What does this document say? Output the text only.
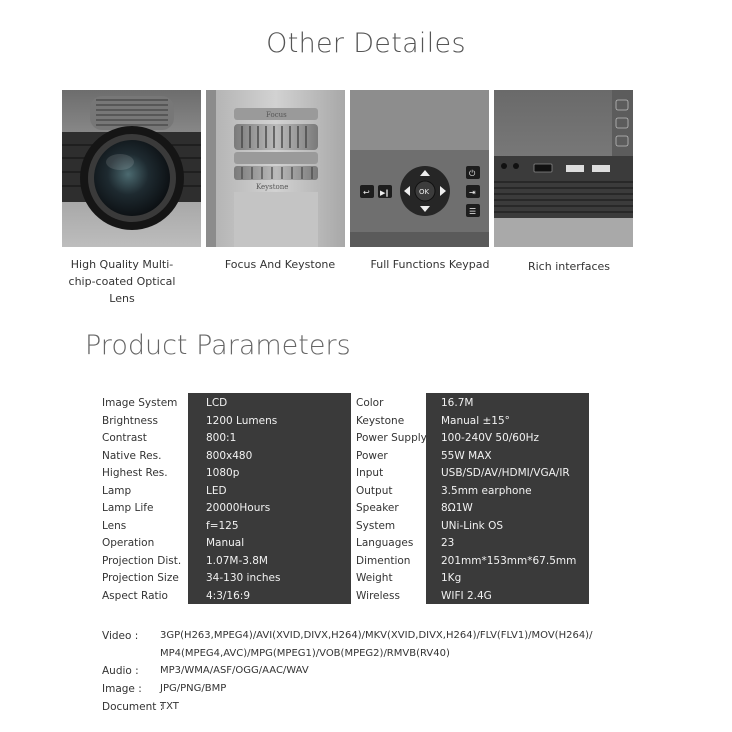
Other Detailes
Focus
Keystone
↩ ▶‖	OK
⏻
⇥
☰
High Quality Multi-chip-coated Optical Lens
Focus And Keystone	Full Functions Keypad	Rich interfaces
Product Parameters
Image System	LCD
Brightness	1200 Lumens
Contrast	800:1
Native Res.	800x480
Highest Res.	1080p
Lamp	LED
Lamp Life	20000Hours
Lens	f=125
Operation	Manual
Projection Dist. 1.07M-3.8M
Projection Size	34-130 inches
Aspect Ratio	4:3/16:9
Color	16.7M
Keystone	Manual ±15°
Power Supply 100-240V 50/60Hz
Power	55W MAX
Input	USB/SD/AV/HDMI/VGA/IR
Output	3.5mm earphone
Speaker	8Ω1W
System	UNi-Link OS
Languages	23
Dimention	201mm*153mm*67.5mm
Weight	1Kg
Wireless	WIFI 2.4G
Video : 3GP(H263,MPEG4)/AVI(XVID,DIVX,H264)/MKV(XVID,DIVX,H264)/FLV(FLV1)/MOV(H264)/
MP4(MPEG4,AVC)/MPG(MPEG1)/VOB(MPEG2)/RMVB(RV40)
Audio : MP3/WMA/ASF/OGG/AAC/WAV
Image : JPG/PNG/BMP
Document :
TXT
